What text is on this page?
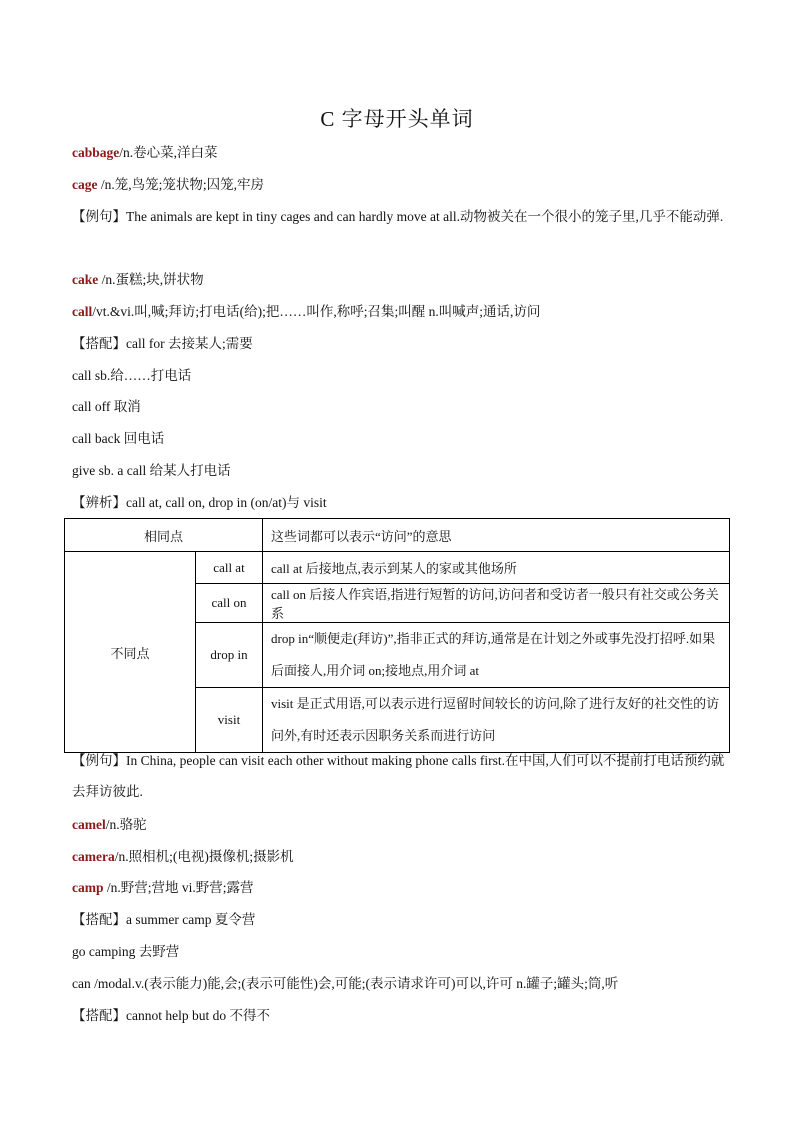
C 字母开头单词
cabbage/n.卷心菜,洋白菜
cage /n.笼,鸟笼;笼状物;囚笼,牢房
【例句】The animals are kept in tiny cages and can hardly move at all.动物被关在一个很小的笼子里,几乎不能动弹.
cake /n.蛋糕;块,饼状物
call/vt.&vi.叫,喊;拜访;打电话(给);把……叫作,称呼;召集;叫醒 n.叫喊声;通话,访问
【搭配】call for 去接某人;需要
call sb.给……打电话
call off 取消
call back 回电话
give sb. a call 给某人打电话
【辨析】call at, call on, drop in (on/at)与 visit
相同点		这些词都可以表示“访问”的意思
不同点	call at	call at 后接地点,表示到某人的家或其他场所
	call on	call on 后接人作宾语,指进行短暂的访问,访问者和受访者一般只有社交或公务关系
	drop in	drop in“顺便走(拜访)”,指非正式的拜访,通常是在计划之外或事先没打招呼.如果后面接人,用介词 on;接地点,用介词 at
	visit	visit 是正式用语,可以表示进行逗留时间较长的访问,除了进行友好的社交性的访问外,有时还表示因职务关系而进行访问
【例句】In China, people can visit each other without making phone calls first.在中国,人们可以不提前打电话预约就去拜访彼此.
camel/n.骆驼
camera/n.照相机;(电视)摄像机;摄影机
camp /n.野营;营地 vi.野营;露营
【搭配】a summer camp 夏令营
go camping 去野营
can /modal.v.(表示能力)能,会;(表示可能性)会,可能;(表示请求许可)可以,许可 n.罐子;罐头;筒,听
【搭配】cannot help but do 不得不
